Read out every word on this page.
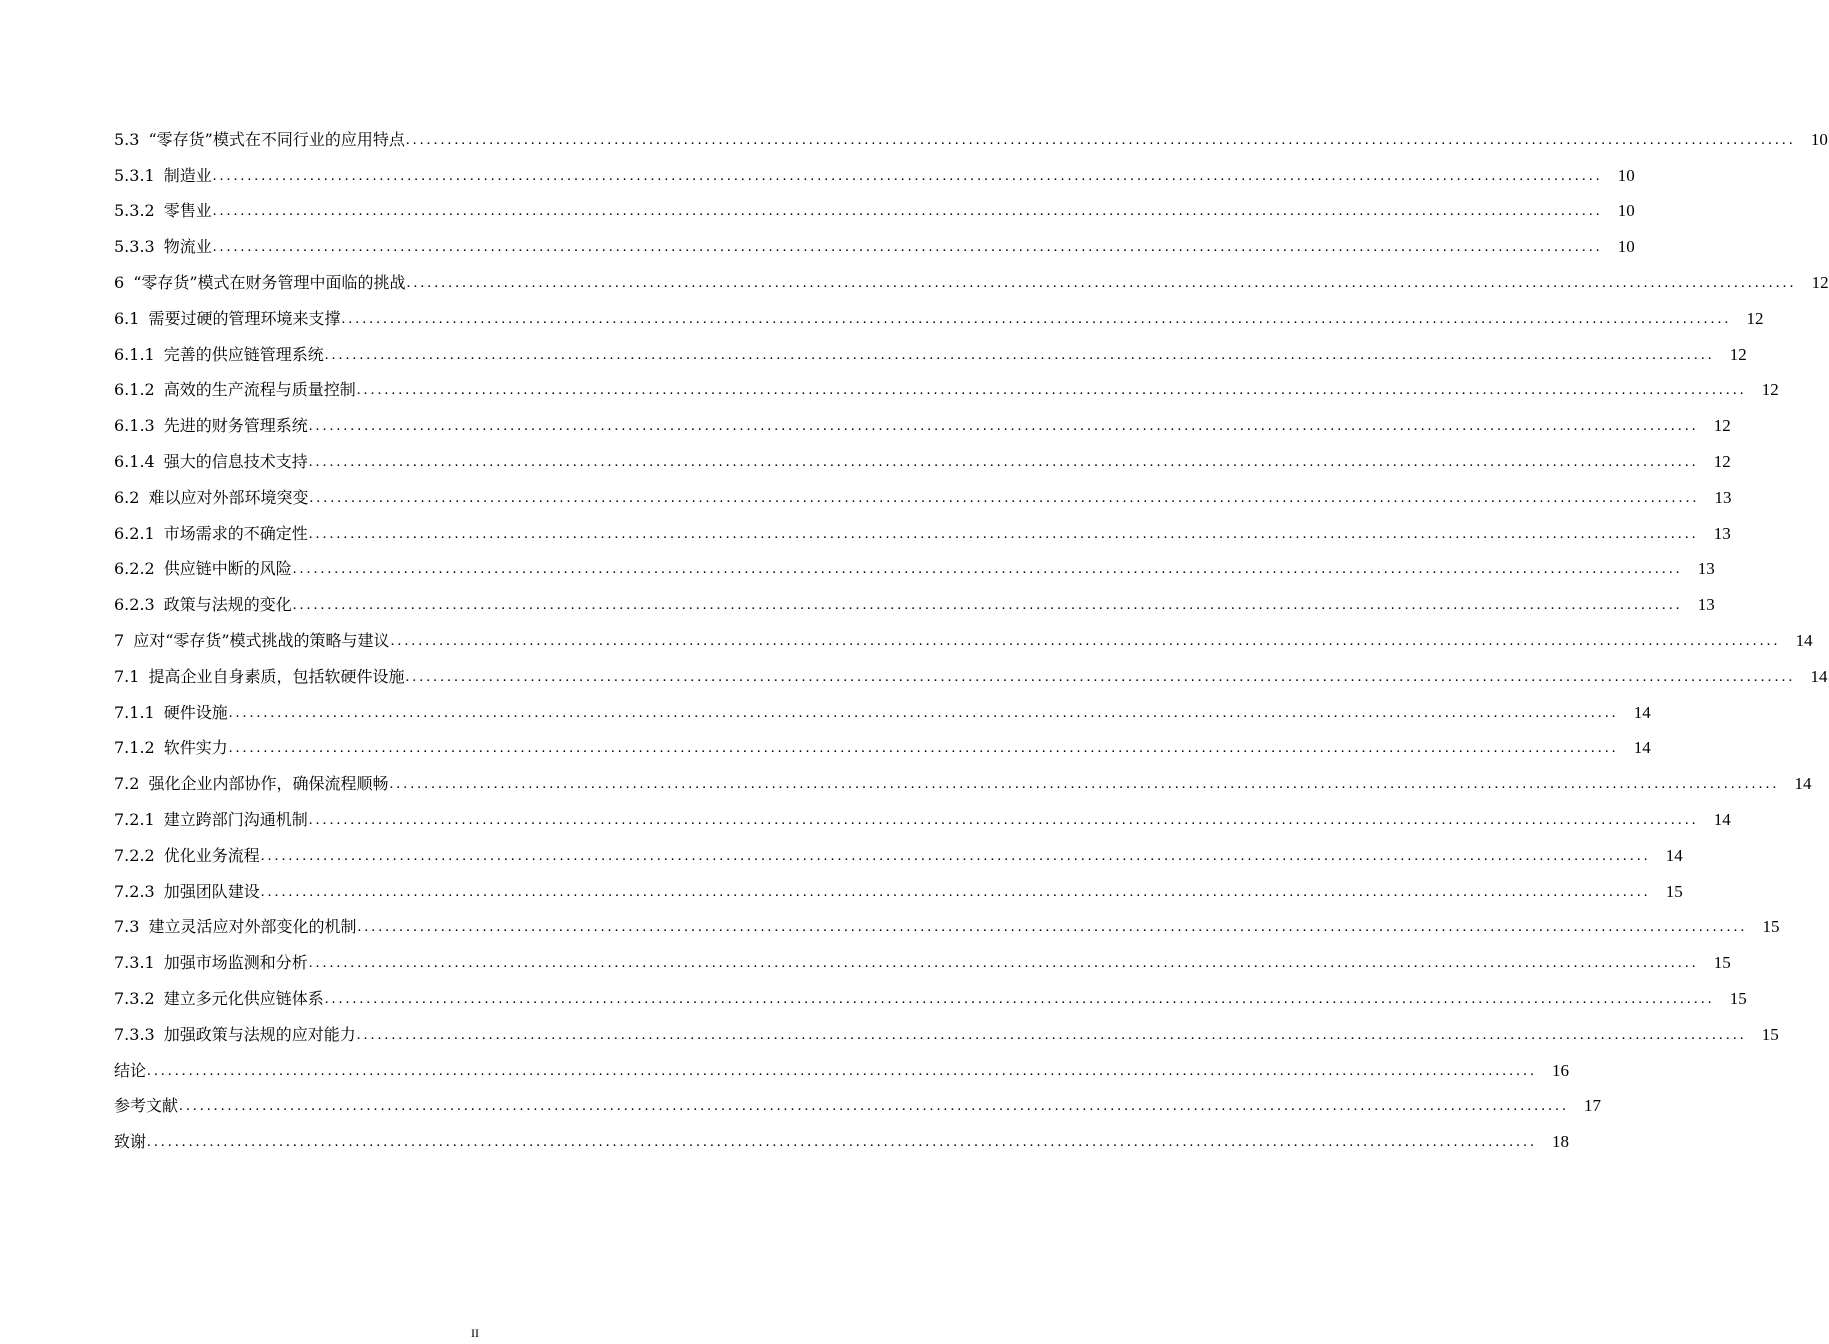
5.3 “零存货”模式在不同行业的应用特点 ........................................................................................................................................................................................................ 10
5.3.1 制造业 ........................................................................................................................................................................................................ 10
5.3.2 零售业 ........................................................................................................................................................................................................ 10
5.3.3 物流业 ........................................................................................................................................................................................................ 10
6 “零存货”模式在财务管理中面临的挑战 ........................................................................................................................................................................................................ 12
6.1 需要过硬的管理环境来支撑 ........................................................................................................................................................................................................ 12
6.1.1 完善的供应链管理系统 ........................................................................................................................................................................................................ 12
6.1.2 高效的生产流程与质量控制 ........................................................................................................................................................................................................ 12
6.1.3 先进的财务管理系统 ........................................................................................................................................................................................................ 12
6.1.4 强大的信息技术支持 ........................................................................................................................................................................................................ 12
6.2 难以应对外部环境突变 ........................................................................................................................................................................................................ 13
6.2.1 市场需求的不确定性 ........................................................................................................................................................................................................ 13
6.2.2 供应链中断的风险 ........................................................................................................................................................................................................ 13
6.2.3 政策与法规的变化 ........................................................................................................................................................................................................ 13
7 应对“零存货”模式挑战的策略与建议 ........................................................................................................................................................................................................ 14
7.1 提高企业自身素质，包括软硬件设施 ........................................................................................................................................................................................................ 14
7.1.1 硬件设施 ........................................................................................................................................................................................................ 14
7.1.2 软件实力 ........................................................................................................................................................................................................ 14
7.2 强化企业内部协作，确保流程顺畅 ........................................................................................................................................................................................................ 14
7.2.1 建立跨部门沟通机制 ........................................................................................................................................................................................................ 14
7.2.2 优化业务流程 ........................................................................................................................................................................................................ 14
7.2.3 加强团队建设 ........................................................................................................................................................................................................ 15
7.3 建立灵活应对外部变化的机制 ........................................................................................................................................................................................................ 15
7.3.1 加强市场监测和分析 ........................................................................................................................................................................................................ 15
7.3.2 建立多元化供应链体系 ........................................................................................................................................................................................................ 15
7.3.3 加强政策与法规的应对能力 ........................................................................................................................................................................................................ 15
结论 ........................................................................................................................................................................................................ 16
参考文献 ........................................................................................................................................................................................................ 17
致谢 ........................................................................................................................................................................................................ 18
II
